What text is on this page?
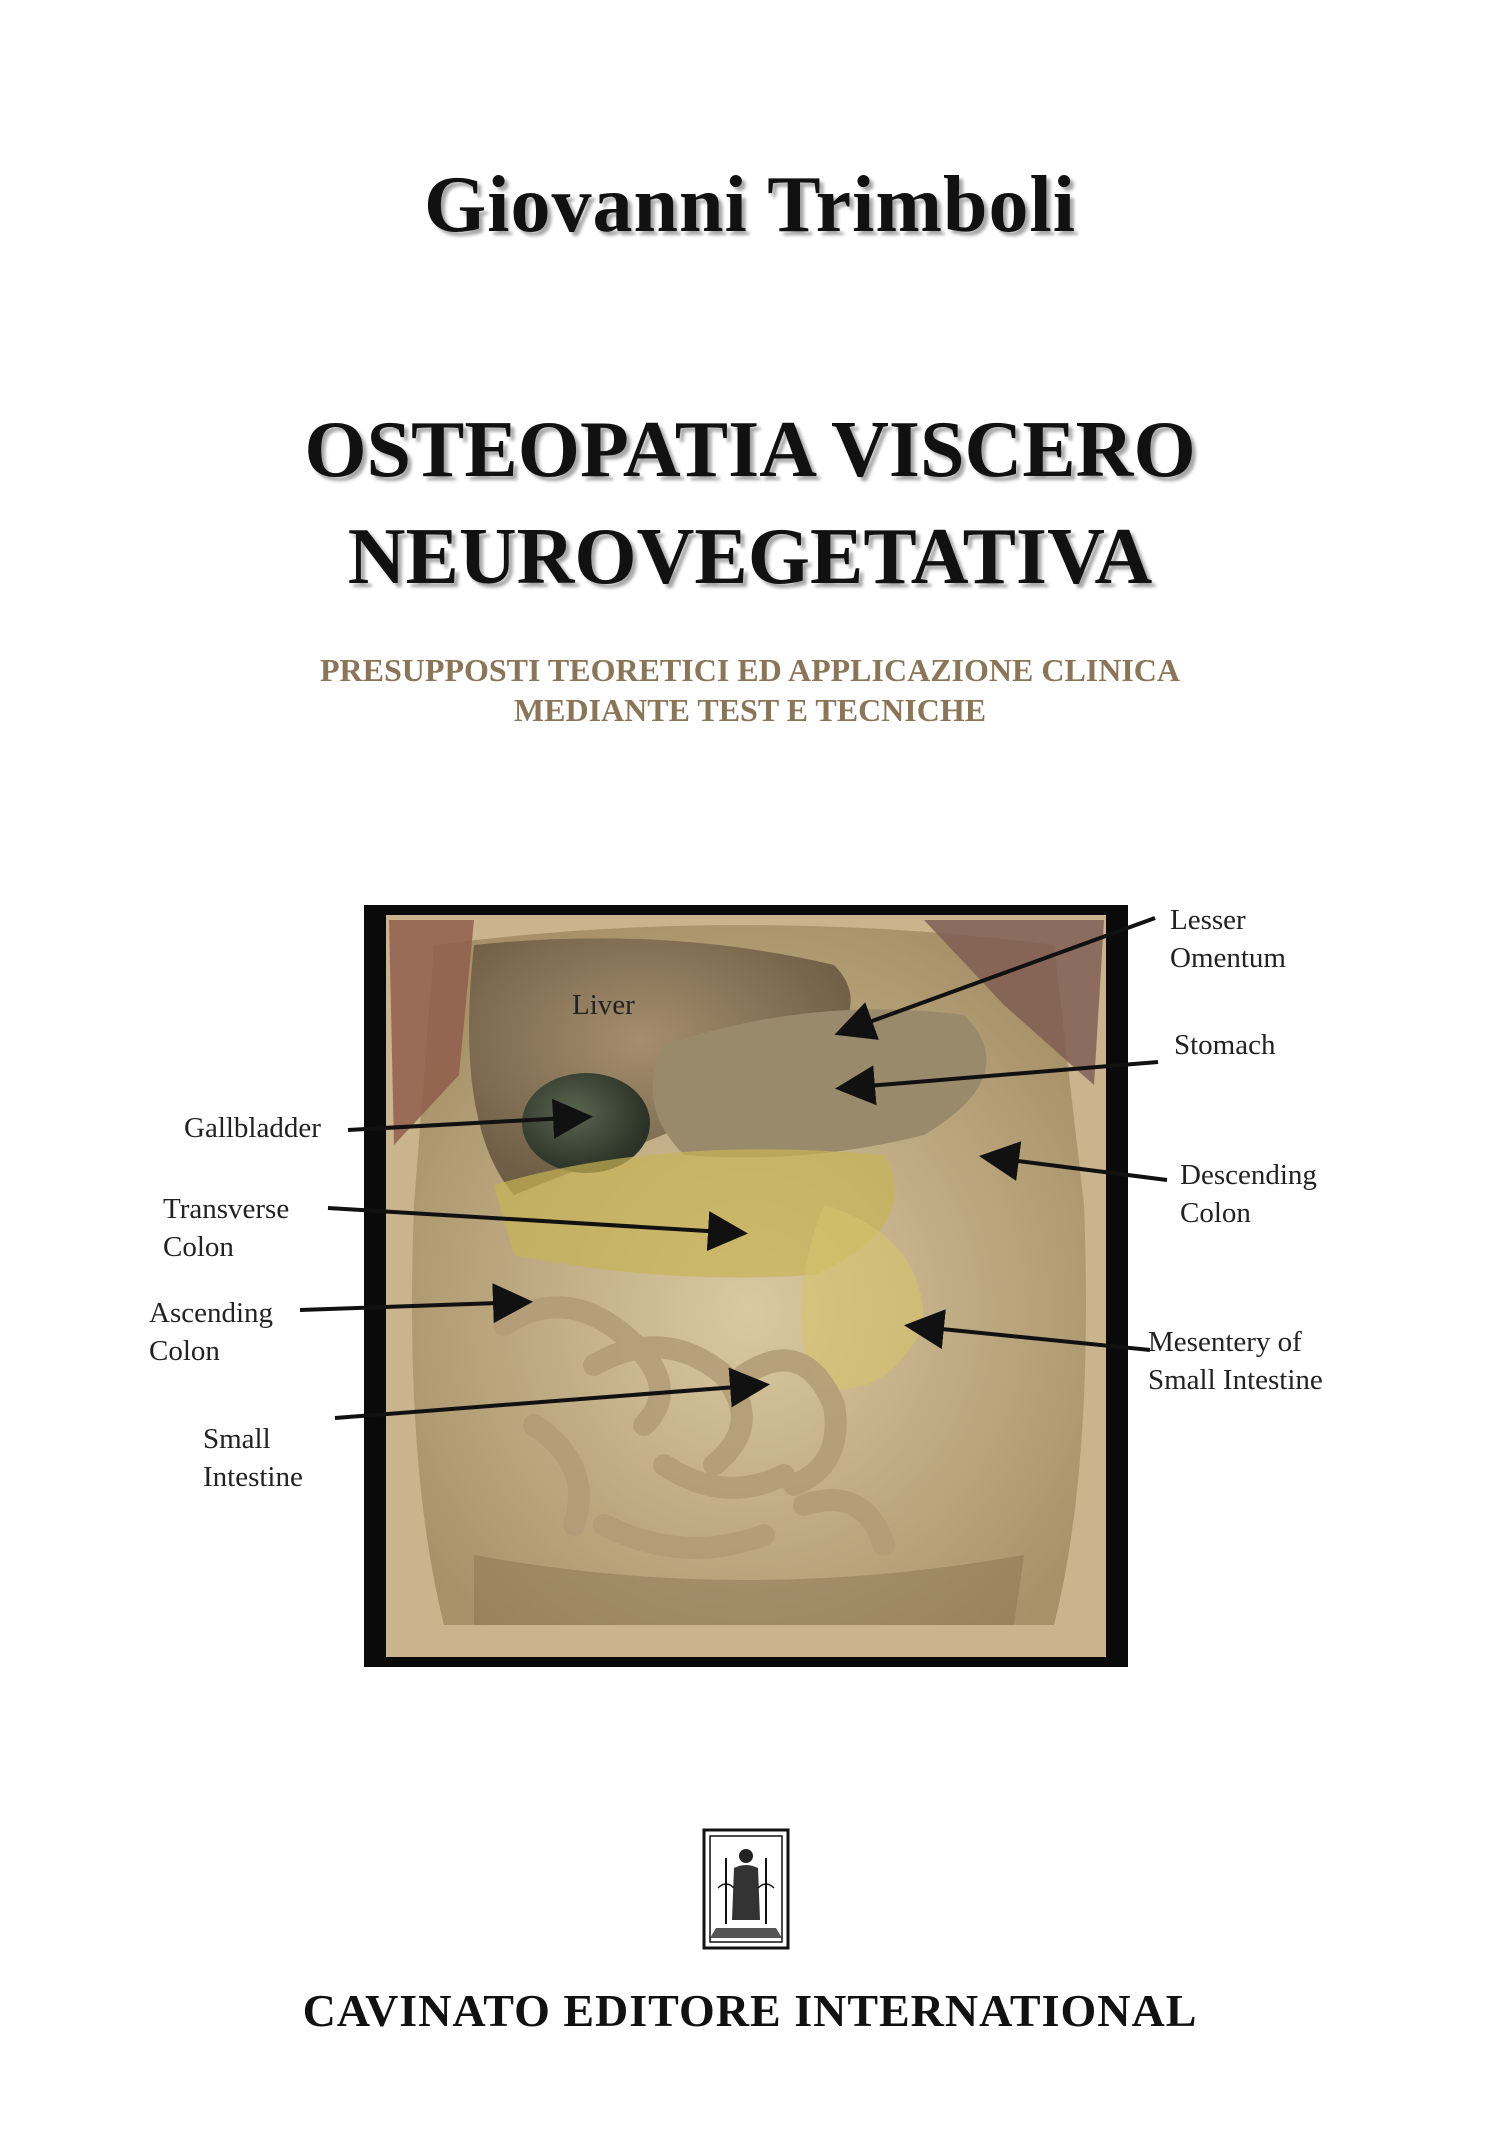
Giovanni Trimboli
OSTEOPATIA VISCERO
NEUROVEGETATIVA
PRESUPPOSTI TEORETICI ED APPLICAZIONE CLINICA
MEDIANTE TEST E TECNICHE
Liver
Gallbladder
Transverse
Colon
Ascending
Colon
Small
Intestine
Lesser
Omentum
Stomach
Descending
Colon
Mesentery of
Small Intestine
CAVINATO EDITORE INTERNATIONAL
